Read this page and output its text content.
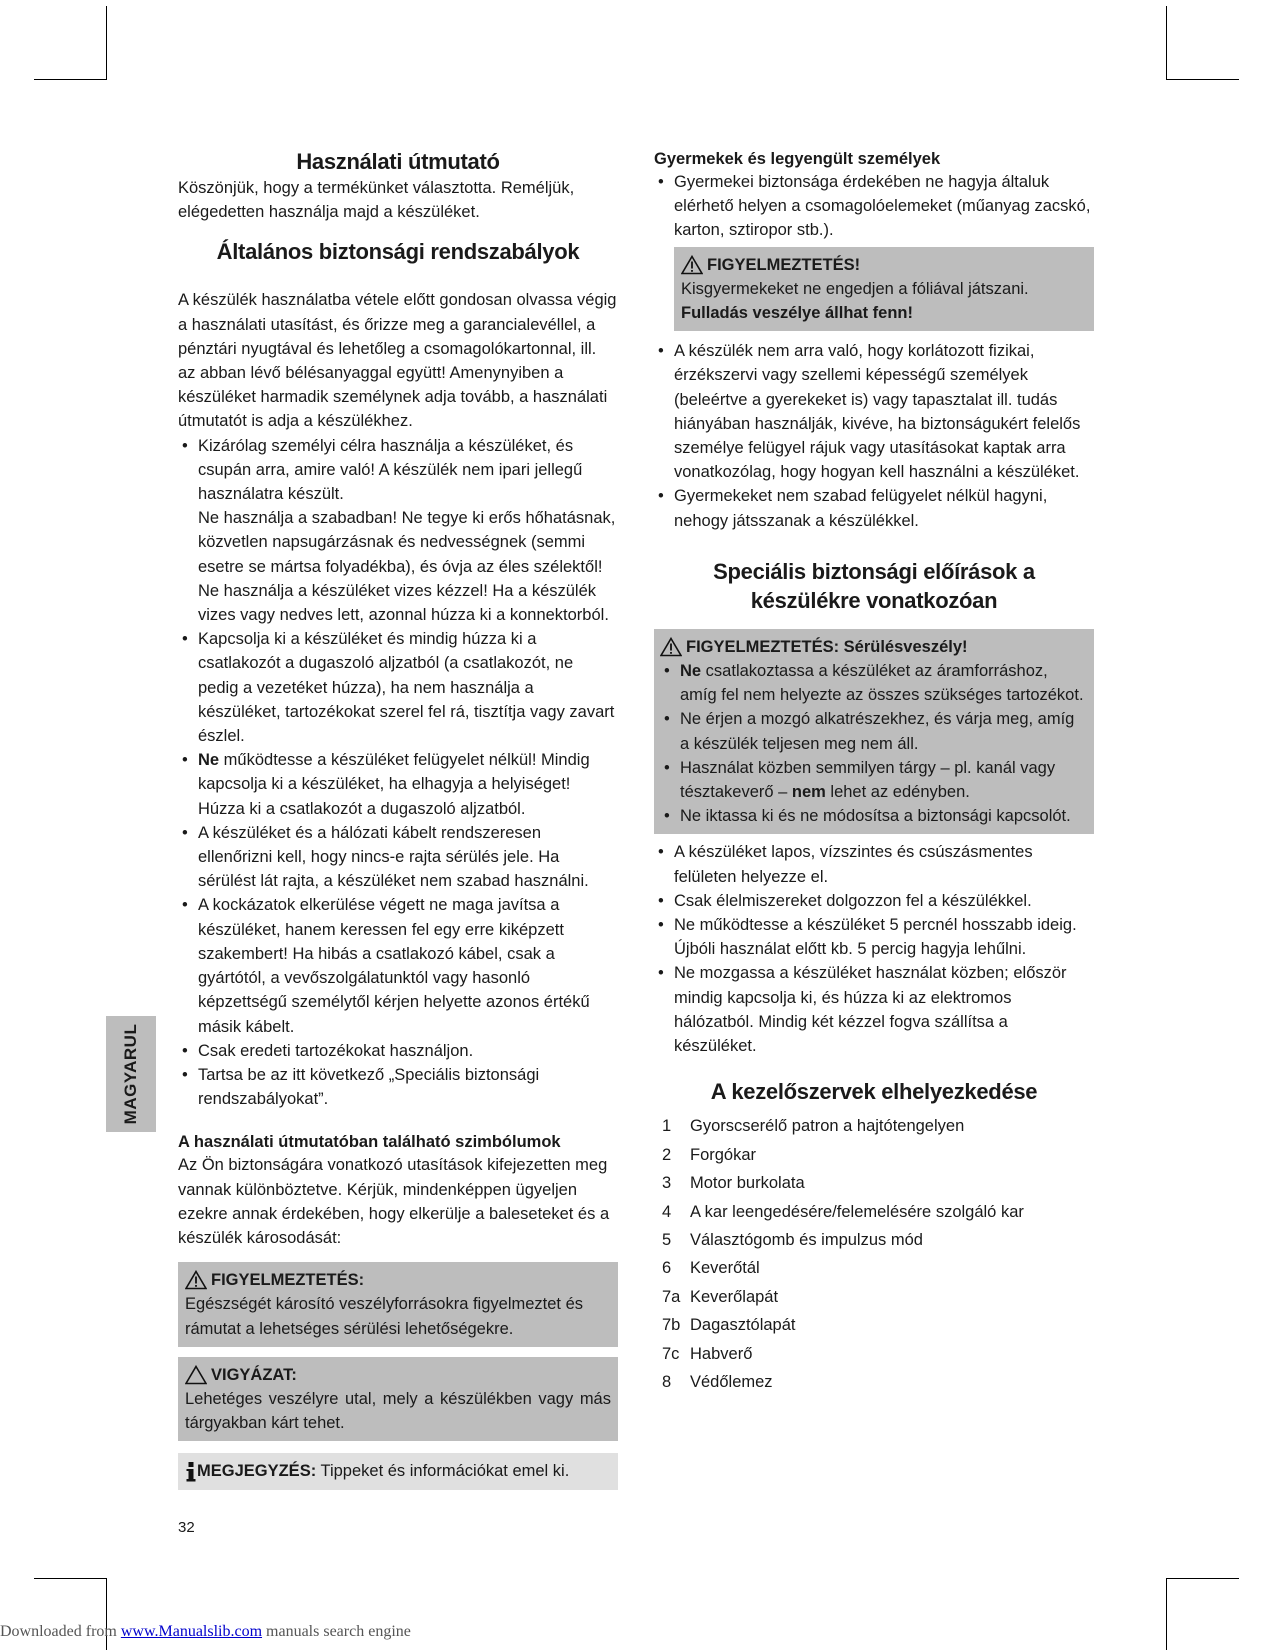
Használati útmutató

Köszönjük, hogy a termékünket választotta. Reméljük, elégedetten használja majd a készüléket.

Általános biztonsági rendszabályok

A készülék használatba vétele előtt gondosan olvassa végig a használati utasítást, és őrizze meg a garancialevéllel, a pénztári nyugtával és lehetőleg a csomagolókartonnal, ill. az abban lévő bélésanyaggal együtt! Amenynyiben a készüléket harmadik személynek adja tovább, a használati útmutatót is adja a készülékhez.

• Kizárólag személyi célra használja a készüléket, és csupán arra, amire való! A készülék nem ipari jellegű használatra készült.
Ne használja a szabadban! Ne tegye ki erős hőhatásnak, közvetlen napsugárzásnak és nedvességnek (semmi esetre se mártsa folyadékba), és óvja az éles szélektől! Ne használja a készüléket vizes kézzel! Ha a készülék vizes vagy nedves lett, azonnal húzza ki a konnektorból.
• Kapcsolja ki a készüléket és mindig húzza ki a csatlakozót a dugaszoló aljzatból (a csatlakozót, ne pedig a vezetéket húzza), ha nem használja a készüléket, tartozékokat szerel fel rá, tisztítja vagy zavart észlel.
• Ne működtesse a készüléket felügyelet nélkül! Mindig kapcsolja ki a készüléket, ha elhagyja a helyiséget! Húzza ki a csatlakozót a dugaszoló aljzatból.
• A készüléket és a hálózati kábelt rendszeresen ellenőrizni kell, hogy nincs-e rajta sérülés jele. Ha sérülést lát rajta, a készüléket nem szabad használni.
• A kockázatok elkerülése végett ne maga javítsa a készüléket, hanem keressen fel egy erre kiképzett szakembert! Ha hibás a csatlakozó kábel, csak a gyártótól, a vevőszolgálatunktól vagy hasonló képzettségű személytől kérjen helyette azonos értékű másik kábelt.
• Csak eredeti tartozékokat használjon.
• Tartsa be az itt következő „Speciális biztonsági rendszabályokat”.
A használati útmutatóban található szimbólumok

Az Ön biztonságára vonatkozó utasítások kifejezetten meg vannak különböztetve. Kérjük, mindenképpen ügyeljen ezekre annak érdekében, hogy elkerülje a baleseteket és a készülék károsodását:

FIGYELMEZTETÉS:

Egészségét károsító veszélyforrásokra figyelmeztet és rámutat a lehetséges sérülési lehetőségekre.

VIGYÁZAT:

Lehetéges veszélyre utal, mely a készülékben vagy más tárgyakban kárt tehet.

MEGJEGYZÉS: Tippeket és információkat emel ki.
Gyermekek és legyengült személyek
• Gyermekei biztonsága érdekében ne hagyja általuk elérhető helyen a csomagolóelemeket (műanyag zacskó, karton, sztiropor stb.).
FIGYELMEZTETÉS!

Kisgyermekeket ne engedjen a fóliával játszani. Fulladás veszélye állhat fenn!

• A készülék nem arra való, hogy korlátozott fizikai, érzékszervi vagy szellemi képességű személyek (beleértve a gyerekeket is) vagy tapasztalat ill. tudás hiányában használják, kivéve, ha biztonságukért felelős személye felügyel rájuk vagy utasításokat kaptak arra vonatkozólag, hogy hogyan kell használni a készüléket.
• Gyermekeket nem szabad felügyelet nélkül hagyni, nehogy játsszanak a készülékkel.
Speciális biztonsági előírások a
készülékre vonatkozóan
FIGYELMEZTETÉS: Sérülésveszély!
• Ne csatlakoztassa a készüléket az áramforráshoz, amíg fel nem helyezte az összes szükséges tartozékot.
• Ne érjen a mozgó alkatrészekhez, és várja meg, amíg a készülék teljesen meg nem áll.
• Használat közben semmilyen tárgy – pl. kanál vagy tésztakeverő – nem lehet az edényben.
• Ne iktassa ki és ne módosítsa a biztonsági kapcsolót.
• A készüléket lapos, vízszintes és csúszásmentes felületen helyezze el.
• Csak élelmiszereket dolgozzon fel a készülékkel.
• Ne működtesse a készüléket 5 percnél hosszabb ideig. Újbóli használat előtt kb. 5 percig hagyja lehűlni.
• Ne mozgassa a készüléket használat közben; először mindig kapcsolja ki, és húzza ki az elektromos hálózatból. Mindig két kézzel fogva szállítsa a készüléket.
A kezelőszervek elhelyezkedése
1	Gyorscserélő patron a hajtótengelyen
2	Forgókar
3	Motor burkolata
4	A kar leengedésére/felemelésére szolgáló kar
5	Választógomb és impulzus mód
6	Keverőtál
7a Keverőlapát
7b Dagasztólapát
7c Habverő
8	Védőlemez
MAGYARUL
32
Downloaded from www.Manualslib.com manuals search engine
